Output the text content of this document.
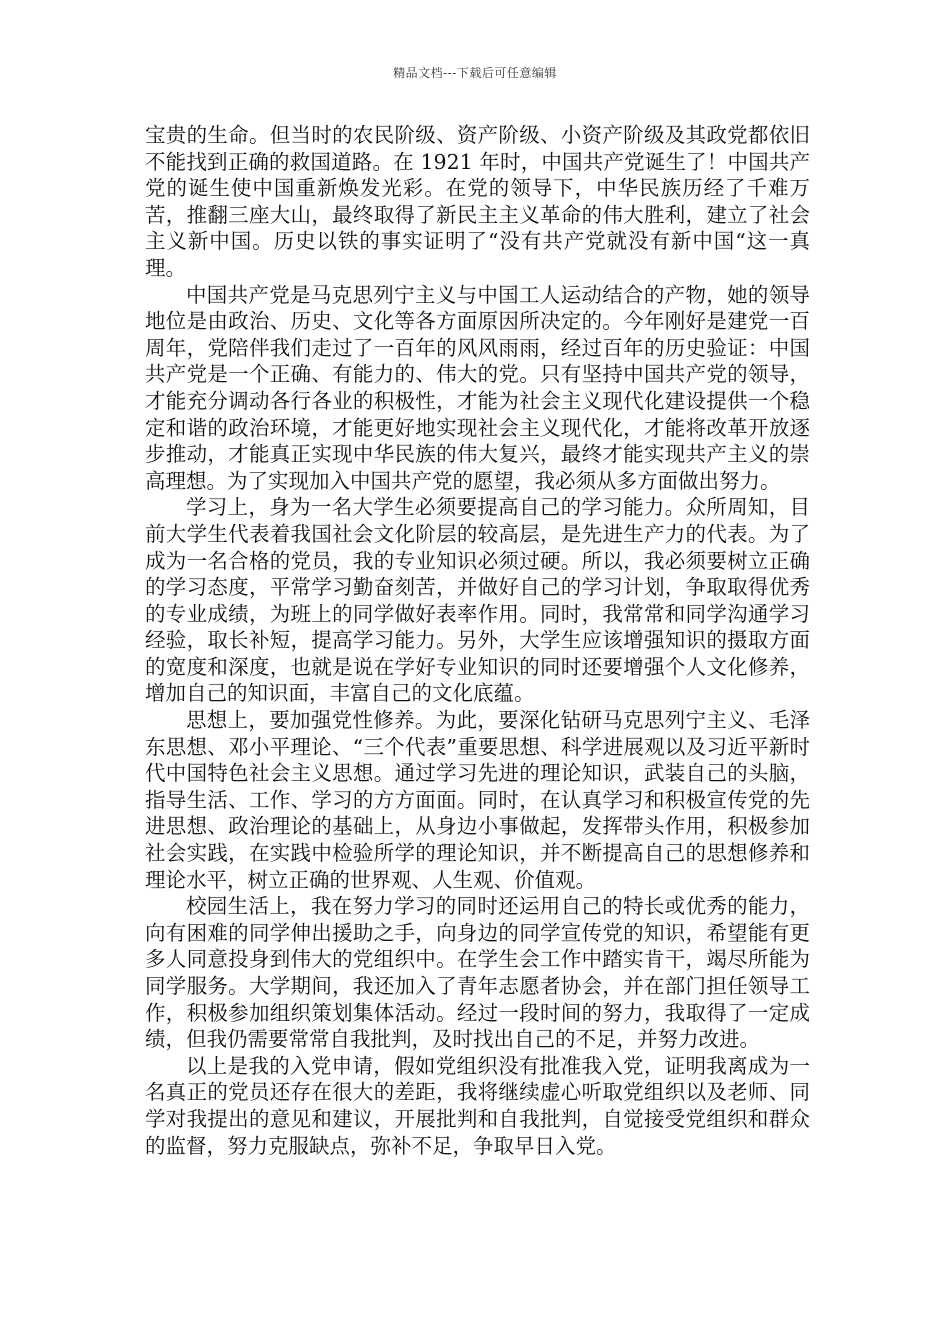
精品文档---下载后可任意编辑

宝贵的生命。但当时的农民阶级、资产阶级、小资产阶级及其政党都依旧不能找到正确的救国道路。在 1921 年时，中国共产党诞生了！中国共产党的诞生使中国重新焕发光彩。在党的领导下，中华民族历经了千难万苦，推翻三座大山，最终取得了新民主主义革命的伟大胜利，建立了社会主义新中国。历史以铁的事实证明了“没有共产党就没有新中国“这一真理。

中国共产党是马克思列宁主义与中国工人运动结合的产物，她的领导地位是由政治、历史、文化等各方面原因所决定的。今年刚好是建党一百周年，党陪伴我们走过了一百年的风风雨雨，经过百年的历史验证：中国共产党是一个正确、有能力的、伟大的党。只有坚持中国共产党的领导，才能充分调动各行各业的积极性，才能为社会主义现代化建设提供一个稳定和谐的政治环境，才能更好地实现社会主义现代化，才能将改革开放逐步推动，才能真正实现中华民族的伟大复兴，最终才能实现共产主义的崇高理想。为了实现加入中国共产党的愿望，我必须从多方面做出努力。

学习上，身为一名大学生必须要提高自己的学习能力。众所周知，目前大学生代表着我国社会文化阶层的较高层，是先进生产力的代表。为了成为一名合格的党员，我的专业知识必须过硬。所以，我必须要树立正确的学习态度，平常学习勤奋刻苦，并做好自己的学习计划，争取取得优秀的专业成绩，为班上的同学做好表率作用。同时，我常常和同学沟通学习经验，取长补短，提高学习能力。另外，大学生应该增强知识的摄取方面的宽度和深度，也就是说在学好专业知识的同时还要增强个人文化修养，增加自己的知识面，丰富自己的文化底蕴。

思想上，要加强党性修养。为此，要深化钻研马克思列宁主义、毛泽东思想、邓小平理论、“三个代表”重要思想、科学进展观以及习近平新时代中国特色社会主义思想。通过学习先进的理论知识，武装自己的头脑，指导生活、工作、学习的方方面面。同时，在认真学习和积极宣传党的先进思想、政治理论的基础上，从身边小事做起，发挥带头作用，积极参加社会实践，在实践中检验所学的理论知识，并不断提高自己的思想修养和理论水平，树立正确的世界观、人生观、价值观。

校园生活上，我在努力学习的同时还运用自己的特长或优秀的能力，向有困难的同学伸出援助之手，向身边的同学宣传党的知识，希望能有更多人同意投身到伟大的党组织中。在学生会工作中踏实肯干，竭尽所能为同学服务。大学期间，我还加入了青年志愿者协会，并在部门担任领导工作，积极参加组织策划集体活动。经过一段时间的努力，我取得了一定成绩，但我仍需要常常自我批判，及时找出自己的不足，并努力改进。

以上是我的入党申请，假如党组织没有批准我入党，证明我离成为一名真正的党员还存在很大的差距，我将继续虚心听取党组织以及老师、同学对我提出的意见和建议，开展批判和自我批判，自觉接受党组织和群众的监督，努力克服缺点，弥补不足，争取早日入党。
